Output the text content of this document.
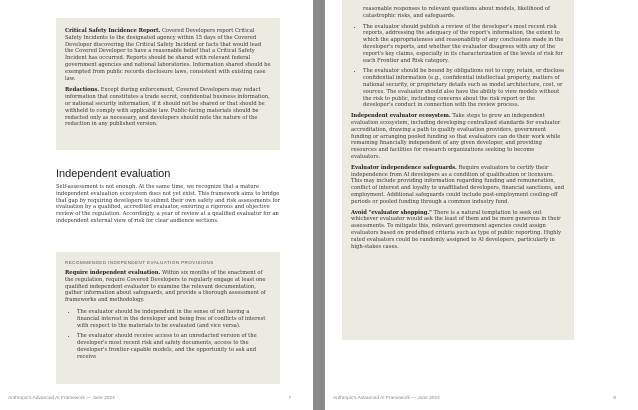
Critical Safety Incidence Report. Covered Developers report Critical Safety Incidents to the designated agency within 15 days of the Covered Developer discovering the Critical Safety Incident or facts that would lead the Covered Developer to have a reasonable belief that a Critical Safety Incident has occurred. Reports should be shared with relevant federal government agencies and national laboratories. Information shared should be exempted from public records disclosure laws, consistent with existing case law.

Redactions. Except during enforcement, Covered Developers may redact information that constitutes a trade secret, confidential business information, or national security information, if it should not be shared or that should be withheld to comply with applicable law. Public-facing materials should be redacted only as necessary, and developers should note the nature of the redaction in any published version.

Independent evaluation

Self-assessment is not enough. At the same time, we recognize that a mature independent evaluation ecosystem does not yet exist. This framework aims to bridge that gap by requiring developers to submit their own safety and risk assessments for evaluation by a qualified, accredited evaluator, ensuring a rigorous and objective review of the regulation. Accordingly, a year of review at a qualified evaluator for an independent external view of risk for clear audience sections.

RECOMMENDED INDEPENDENT EVALUATION PROVISIONS

Require independent evaluation. Within six months of the enactment of the regulation, require Covered Developers to regularly engage at least one qualified independent evaluator to examine the relevant documentation, gather information about safeguards, and provide a thorough assessment of frameworks and methodology.

• The evaluator should be independent in the sense of not having a financial interest in the developer and being free of conflicts of interest with respect to the materials to be evaluated (and vice versa).
• The evaluator should receive access to an unredacted version of the developer's most recent risk and safety documents, access to the developer's frontier-capable models, and the opportunity to ask and receive
Anthropic's Advanced AI Framework — June 2024	7

reasonable responses to relevant questions about models, likelihood of catastrophic risks, and safeguards.

• The evaluator should publish a review of the developer's most recent risk reports, addressing the adequacy of the report's information, the extent to which the appropriateness and reasonability of any conclusions made in the developer's reports, and whether the evaluator disagrees with any of the report's key claims, especially in its characterization of the levels of risk for each Frontier and Risk category.
• The evaluator should be bound by obligations not to copy, retain, or disclose confidential information (e.g., confidential intellectual property, matters of national security, or proprietary details such as model architecture, cost, or sources. The evaluator should also have the ability to view models without the risk to public, including concerns about the risk report or the developer's conduct in connection with the review process.

Independent evaluator ecosystem. Take steps to grow an independent evaluation ecosystem, including developing centralized standards for evaluator accreditation, drawing a path to qualify evaluation providers, government funding or arranging pooled funding so that evaluators can do their work while remaining financially independent of any given developer, and providing resources and facilities for research organizations seeking to become evaluators.

Evaluator independence safeguards. Require evaluators to certify their independence from AI developers as a condition of qualification or licensure. This may include providing information regarding funding and remuneration, conflict of interest and loyalty to unaffiliated developers, financial sanctions, and employment. Additional safeguards could include post-employment cooling-off periods or pooled funding through a common industry fund.

Avoid "evaluator shopping." There is a natural temptation to seek out whichever evaluator would ask the least of them and be more generous in their assessments. To mitigate this, relevant government agencies could assign evaluators based on predefined criteria such as type of public reporting. Highly rated evaluators could be randomly assigned to AI developers, particularly in high-stakes cases.

Anthropic's Advanced AI Framework — June 2024	8
